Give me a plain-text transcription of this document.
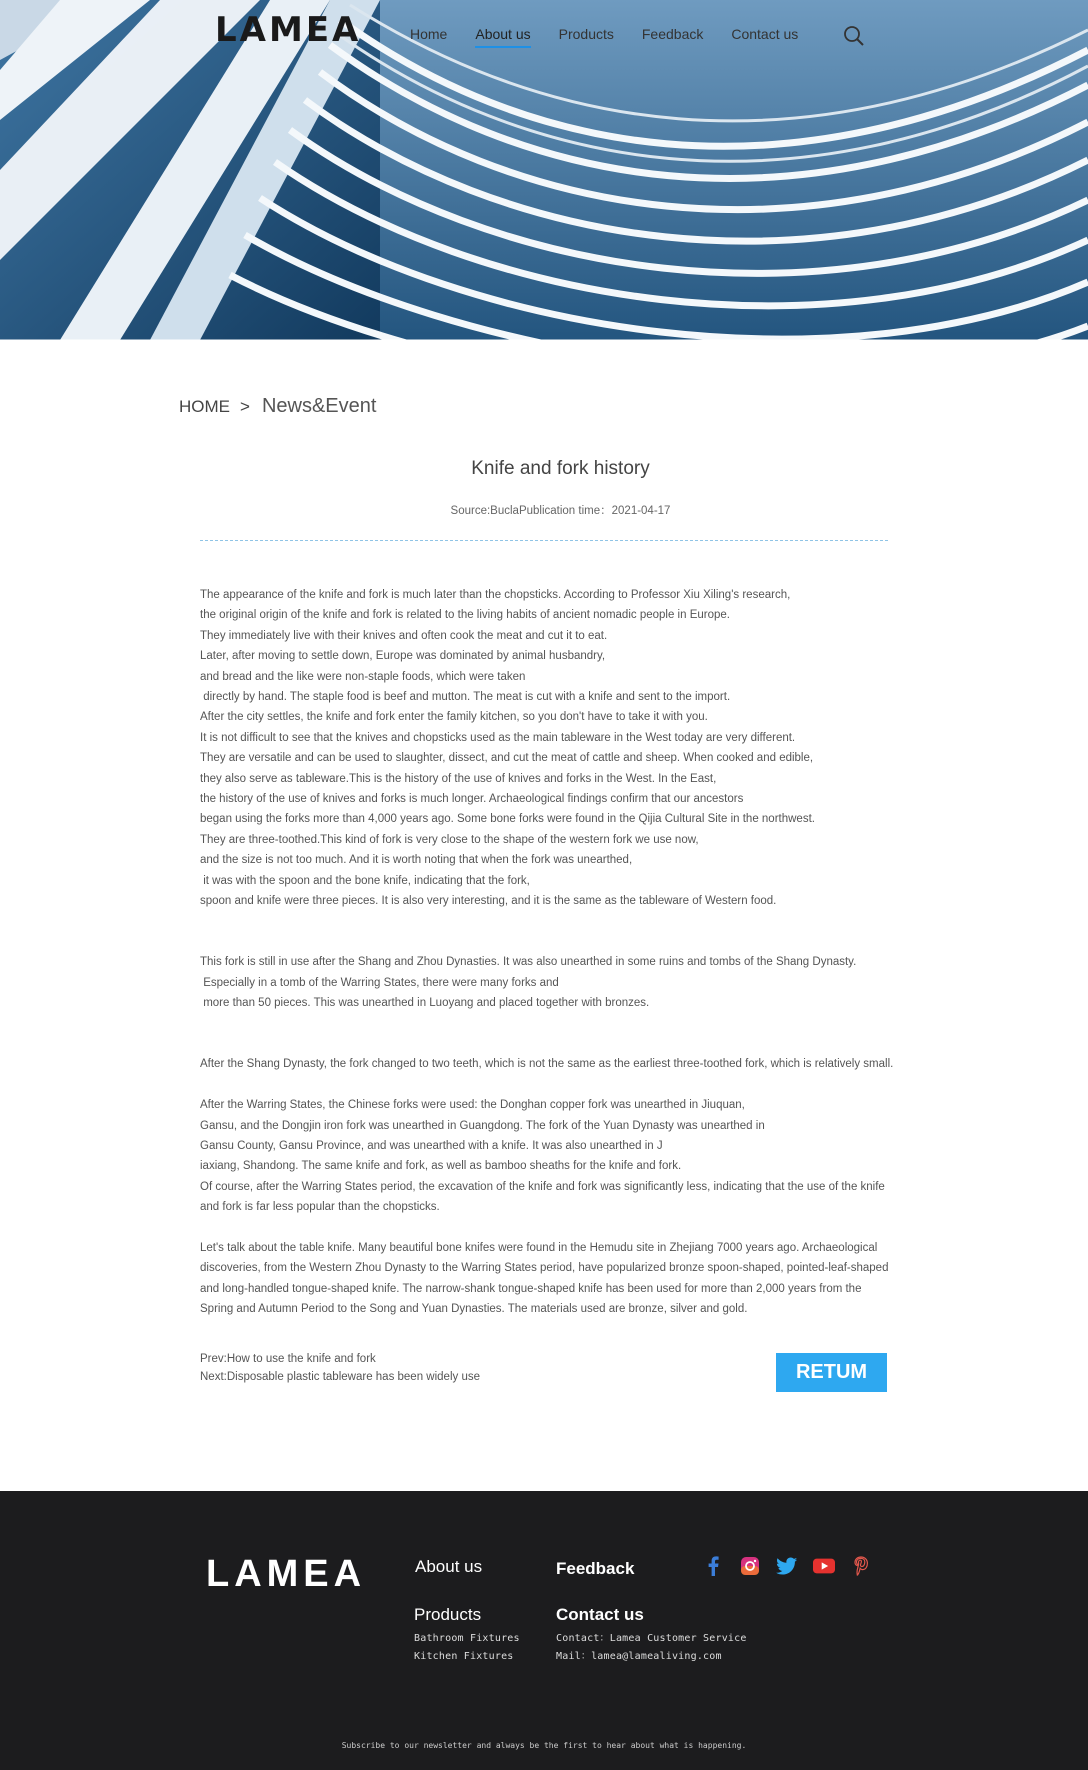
LAMEA	Home About us Products Feedback Contact us
HOME > News&Event
Knife and fork history
Source:BuclaPublication time：2021-04-17

The appearance of the knife and fork is much later than the chopsticks. According to Professor Xiu Xiling's research,

the original origin of the knife and fork is related to the living habits of ancient nomadic people in Europe.

They immediately live with their knives and often cook the meat and cut it to eat.

Later, after moving to settle down, Europe was dominated by animal husbandry,

and bread and the like were non-staple foods, which were taken

directly by hand. The staple food is beef and mutton. The meat is cut with a knife and sent to the import.

After the city settles, the knife and fork enter the family kitchen, so you don't have to take it with you.

It is not difficult to see that the knives and chopsticks used as the main tableware in the West today are very different.

They are versatile and can be used to slaughter, dissect, and cut the meat of cattle and sheep. When cooked and edible,

they also serve as tableware.This is the history of the use of knives and forks in the West. In the East,

the history of the use of knives and forks is much longer. Archaeological findings confirm that our ancestors

began using the forks more than 4,000 years ago. Some bone forks were found in the Qijia Cultural Site in the northwest.

They are three-toothed.This kind of fork is very close to the shape of the western fork we use now,

and the size is not too much. And it is worth noting that when the fork was unearthed,

it was with the spoon and the bone knife, indicating that the fork,

spoon and knife were three pieces. It is also very interesting, and it is the same as the tableware of Western food.

This fork is still in use after the Shang and Zhou Dynasties. It was also unearthed in some ruins and tombs of the Shang Dynasty.

Especially in a tomb of the Warring States, there were many forks and

more than 50 pieces. This was unearthed in Luoyang and placed together with bronzes.

After the Shang Dynasty, the fork changed to two teeth, which is not the same as the earliest three-toothed fork, which is relatively small.

After the Warring States, the Chinese forks were used: the Donghan copper fork was unearthed in Jiuquan,

Gansu, and the Dongjin iron fork was unearthed in Guangdong. The fork of the Yuan Dynasty was unearthed in

Gansu County, Gansu Province, and was unearthed with a knife. It was also unearthed in J

iaxiang, Shandong. The same knife and fork, as well as bamboo sheaths for the knife and fork.

Of course, after the Warring States period, the excavation of the knife and fork was significantly less, indicating that the use of the knife

and fork is far less popular than the chopsticks.

Let's talk about the table knife. Many beautiful bone knifes were found in the Hemudu site in Zhejiang 7000 years ago. Archaeological

discoveries, from the Western Zhou Dynasty to the Warring States period, have popularized bronze spoon-shaped, pointed-leaf-shaped

and long-handled tongue-shaped knife. The narrow-shank tongue-shaped knife has been used for more than 2,000 years from the

Spring and Autumn Period to the Song and Yuan Dynasties. The materials used are bronze, silver and gold.

Prev:How to use the knife and fork
Next:Disposable plastic tableware has been widely use	RETUM
LAMEA	About us
Products
Bathroom Fixtures
Kitchen Fixtures
Feedback
Contact us
Contact：Lamea Customer Service
Mail：lamea@lamealiving.com
Subscribe to our newsletter and always be the first to hear about what is happening.
